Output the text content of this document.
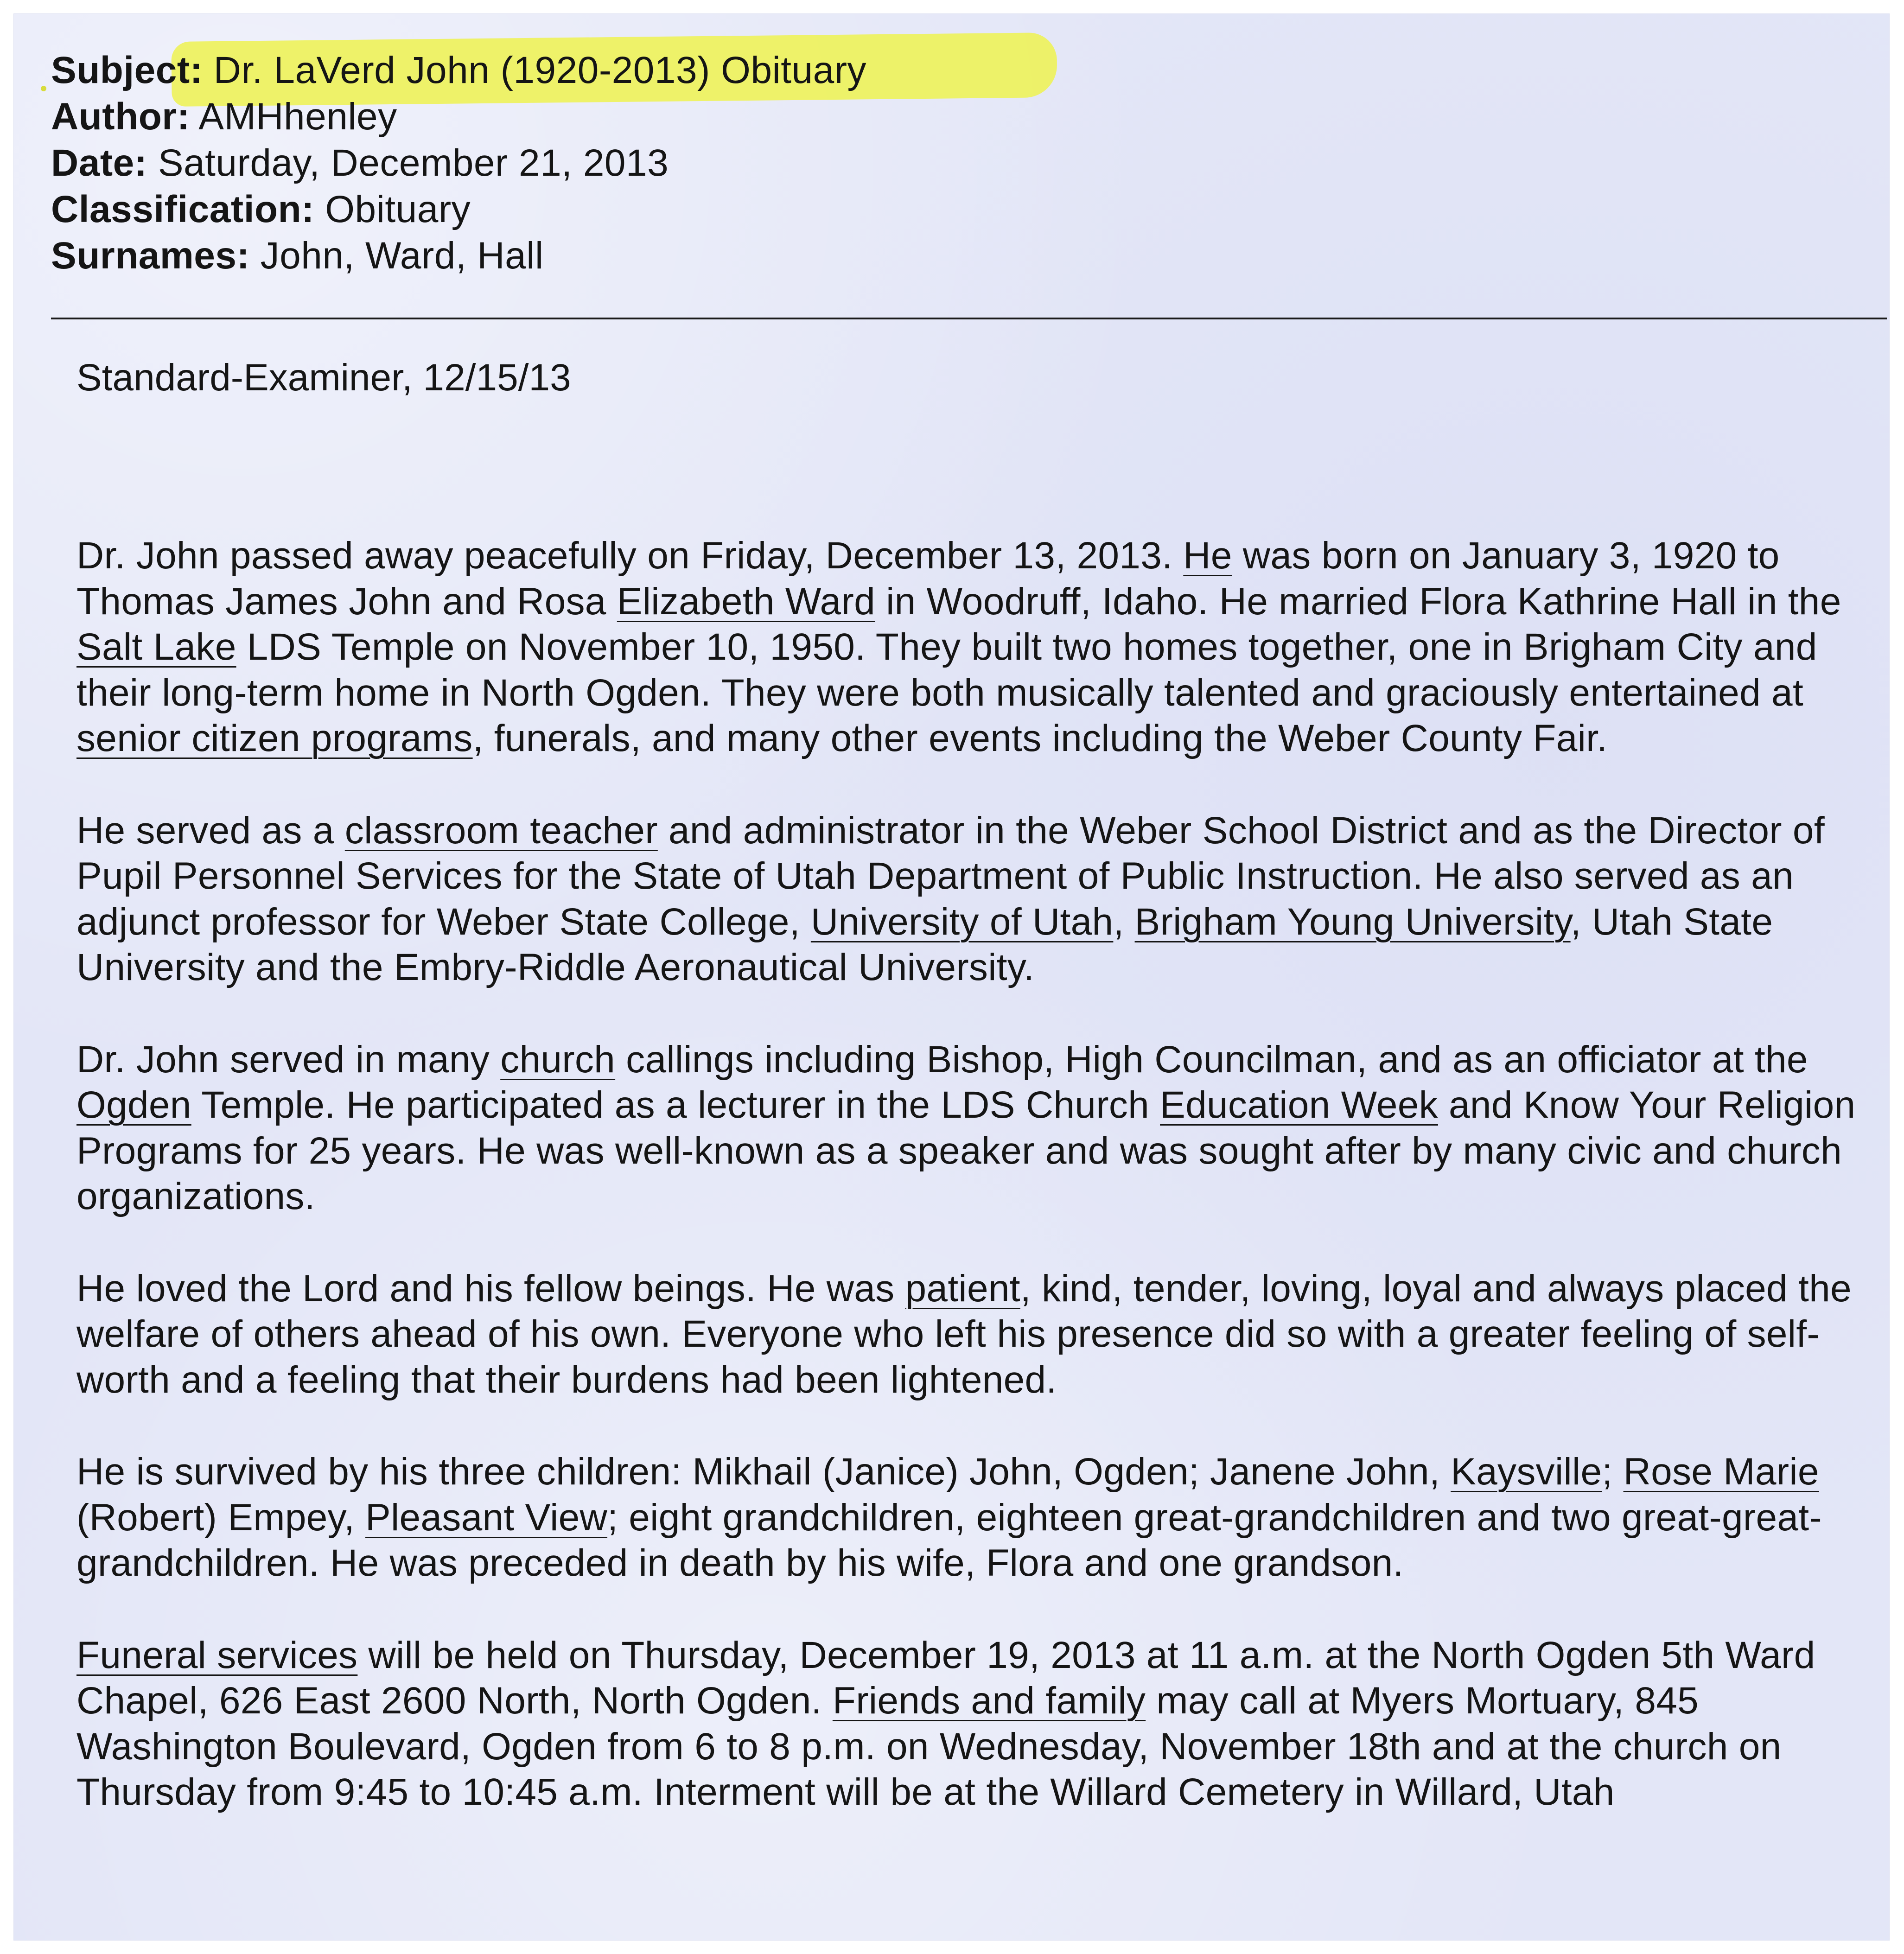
Subject: Dr. LaVerd John (1920-2013) Obituary

Author: AMHhenley

Date: Saturday, December 21, 2013

Classification: Obituary

Surnames: John, Ward, Hall

Standard-Examiner, 12/15/13

Dr. John passed away peacefully on Friday, December 13, 2013. He was born on January 3, 1920 to Thomas James John and Rosa Elizabeth Ward in Woodruff, Idaho. He married Flora Kathrine Hall in the Salt Lake LDS Temple on November 10, 1950. They built two homes together, one in Brigham City and their long-term home in North Ogden. They were both musically talented and graciously entertained at senior citizen programs, funerals, and many other events including the Weber County Fair.

He served as a classroom teacher and administrator in the Weber School District and as the Director of Pupil Personnel Services for the State of Utah Department of Public Instruction. He also served as an adjunct professor for Weber State College, University of Utah, Brigham Young University, Utah State University and the Embry-Riddle Aeronautical University.

Dr. John served in many church callings including Bishop, High Councilman, and as an officiator at the Ogden Temple. He participated as a lecturer in the LDS Church Education Week and Know Your Religion Programs for 25 years. He was well-known as a speaker and was sought after by many civic and church organizations.

He loved the Lord and his fellow beings. He was patient, kind, tender, loving, loyal and always placed the welfare of others ahead of his own. Everyone who left his presence did so with a greater feeling of self-worth and a feeling that their burdens had been lightened.

He is survived by his three children: Mikhail (Janice) John, Ogden; Janene John, Kaysville; Rose Marie (Robert) Empey, Pleasant View; eight grandchildren, eighteen great-grandchildren and two great-great-grandchildren. He was preceded in death by his wife, Flora and one grandson.

Funeral services will be held on Thursday, December 19, 2013 at 11 a.m. at the North Ogden 5th Ward Chapel, 626 East 2600 North, North Ogden. Friends and family may call at Myers Mortuary, 845 Washington Boulevard, Ogden from 6 to 8 p.m. on Wednesday, November 18th and at the church on Thursday from 9:45 to 10:45 a.m. Interment will be at the Willard Cemetery in Willard, Utah
